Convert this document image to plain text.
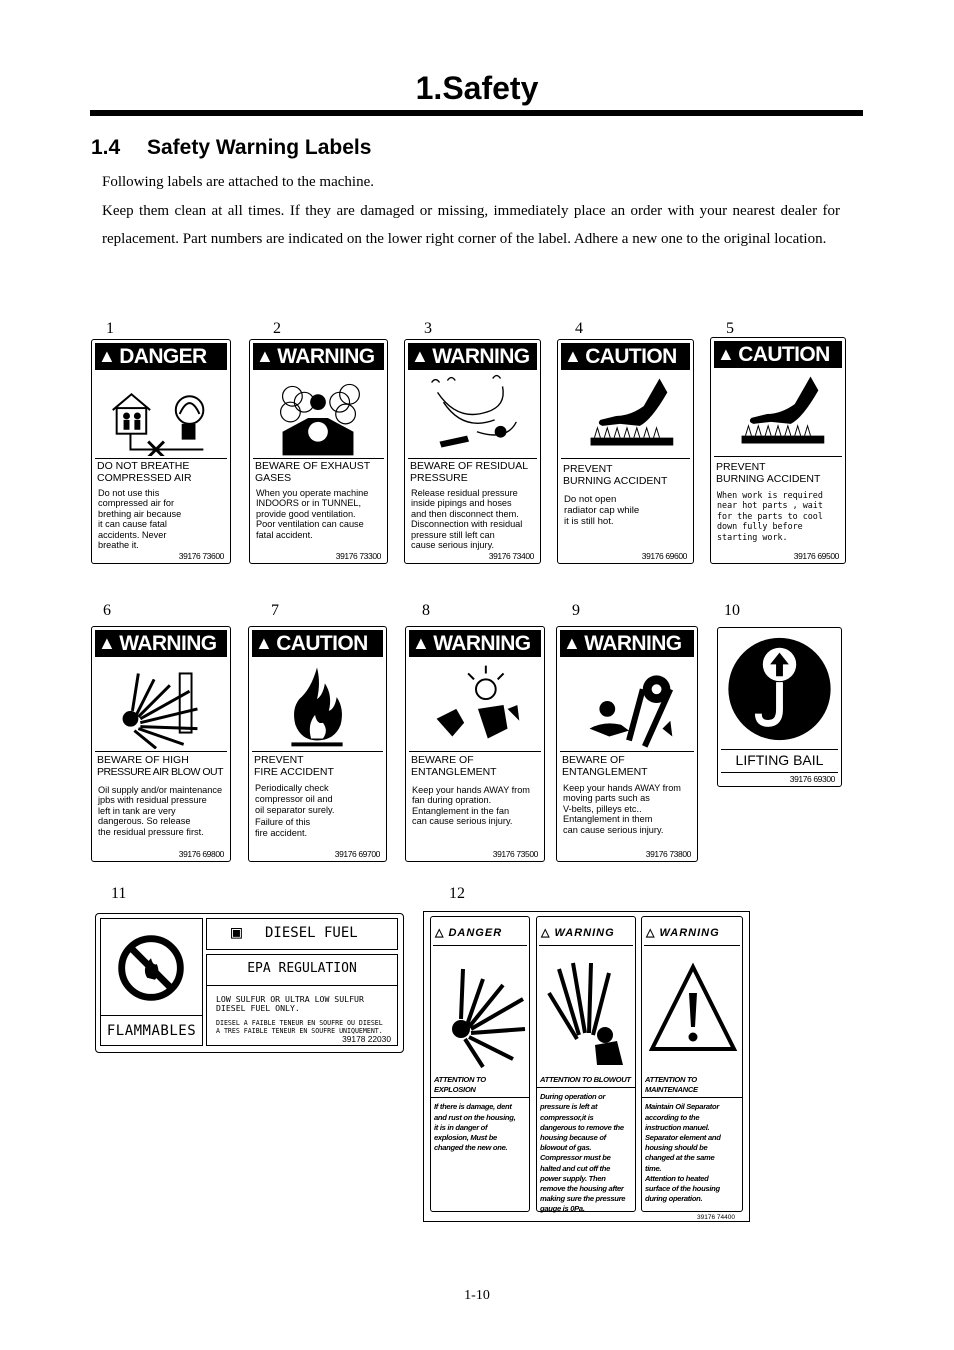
1.Safety
1.4 Safety Warning Labels
Following labels are attached to the machine.
Keep them clean at all times. If they are damaged or missing, immediately place an order with your nearest dealer for replacement. Part numbers are indicated on the lower right corner of the label. Adhere a new one to the original location.
1	2	3	4	5
6	7	8	9	10
11	12
▲ DANGER
DO NOT BREATHE
COMPRESSED AIR
Do not use this
compressed air for
brething air because
it can cause fatal
accidents. Never
breathe it.
39176 73600
▲ WARNING
BEWARE OF EXHAUST
GASES
When you operate machine
INDOORS or in TUNNEL,
provide good ventilation.
Poor ventilation can cause
fatal accident.
39176 73300
▲ WARNING
BEWARE OF RESIDUAL
PRESSURE
Release residual pressure
inside pipings and hoses
and then disconnect them.
Disconnection with residual
pressure still left can
cause serious injury.
39176 73400
▲ CAUTION
PREVENT
BURNING ACCIDENT
Do not open
radiator cap while
it is still hot.
39176 69600
▲ CAUTION
PREVENT
BURNING ACCIDENT
When work is required
near hot parts , wait
for the parts to cool
down fully before
starting work.
39176 69500
▲ WARNING
BEWARE OF HIGH
PRESSURE AIR BLOW OUT
Oil supply and/or maintenance
jpbs with residual pressure
left in tank are very
dangerous. So release
the residual pressure first.
39176 69800
▲ CAUTION
PREVENT
FIRE ACCIDENT
Periodically check
compressor oil and
oil separator surely.
Failure of this
fire accident.
39176 69700
▲ WARNING
BEWARE OF
ENTANGLEMENT
Keep your hands AWAY from
fan during opration.
Entanglement in the fan
can cause serious injury.
39176 73500
▲ WARNING
BEWARE OF
ENTANGLEMENT
Keep your hands AWAY from
moving parts such as
V-belts, pilleys etc..
Entanglement in them
can cause serious injury.
39176 73800
LIFTING BAIL
39176 69300
FLAMMABLES
▣ DIESEL FUEL
EPA REGULATION
LOW SULFUR OR ULTRA LOW SULFUR
DIESEL FUEL ONLY.
DIESEL A FAIBLE TENEUR EN SOUFRE OU DIESEL
A TRES FAIBLE TENEUR EN SOUFRE UNIQUEMENT.
39178 22030
△ DANGER
ATTENTION TO EXPLOSION
If there is damage, dent
and rust on the housing,
it is in danger of
explosion, Must be
changed the new one.
△ WARNING
ATTENTION TO BLOWOUT
During operation or
pressure is left at
compressor,it is
dangerous to remove the
housing because of
blowout of gas.
Compressor must be
halted and cut off the
power supply. Then
remove the housing after
making sure the pressure
gauge is 0Pa.
△ WARNING
ATTENTION TO MAINTENANCE
Maintain Oil Separator
according to the
instruction manuel.
Separator element and
housing should be
changed at the same
time.
Attention to heated
surface of the housing
during operation.
39176 74400
1-10
